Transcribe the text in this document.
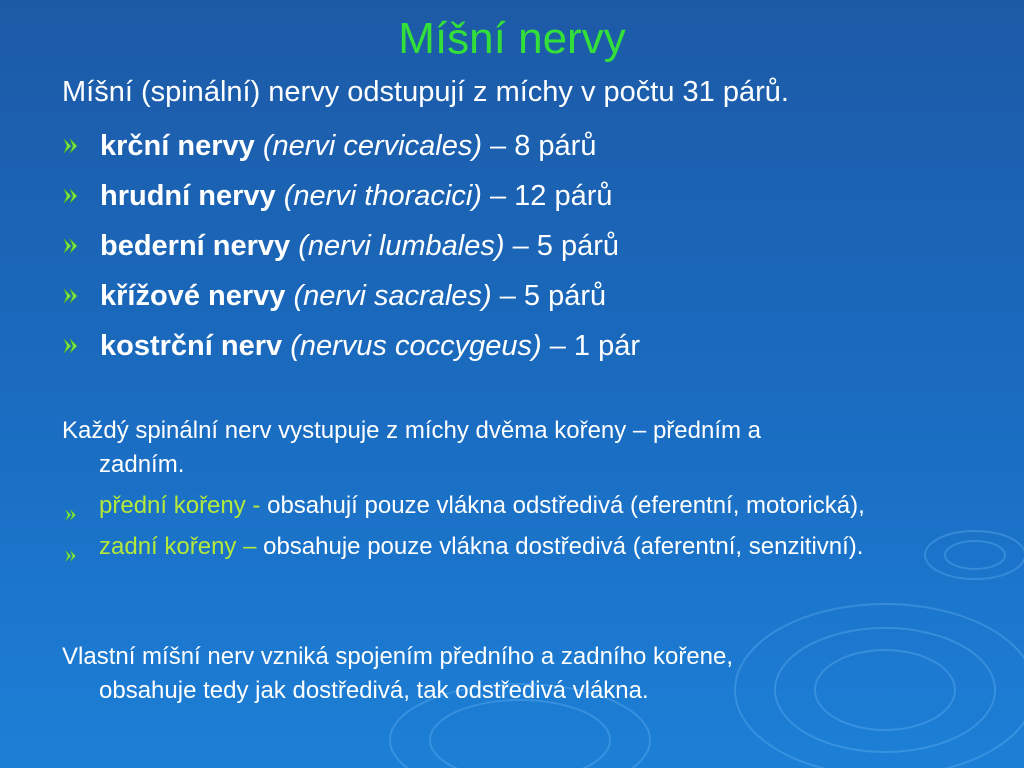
Míšní nervy
Míšní (spinální) nervy odstupují z míchy v počtu 31 párů.
krční nervy (nervi cervicales) – 8 párů
hrudní nervy (nervi thoracici) – 12 párů
bederní nervy (nervi lumbales) – 5 párů
křížové nervy (nervi sacrales) – 5 párů
kostrční nerv (nervus coccygeus) – 1 pár
Každý spinální nerv vystupuje z míchy dvěma kořeny – předním a
zadním.
přední kořeny - obsahují pouze vlákna odstředivá (eferentní, motorická),
zadní kořeny – obsahuje pouze vlákna dostředivá (aferentní, senzitivní).
Vlastní míšní nerv vzniká spojením předního a zadního kořene,
obsahuje tedy jak dostředivá, tak odstředivá vlákna.
